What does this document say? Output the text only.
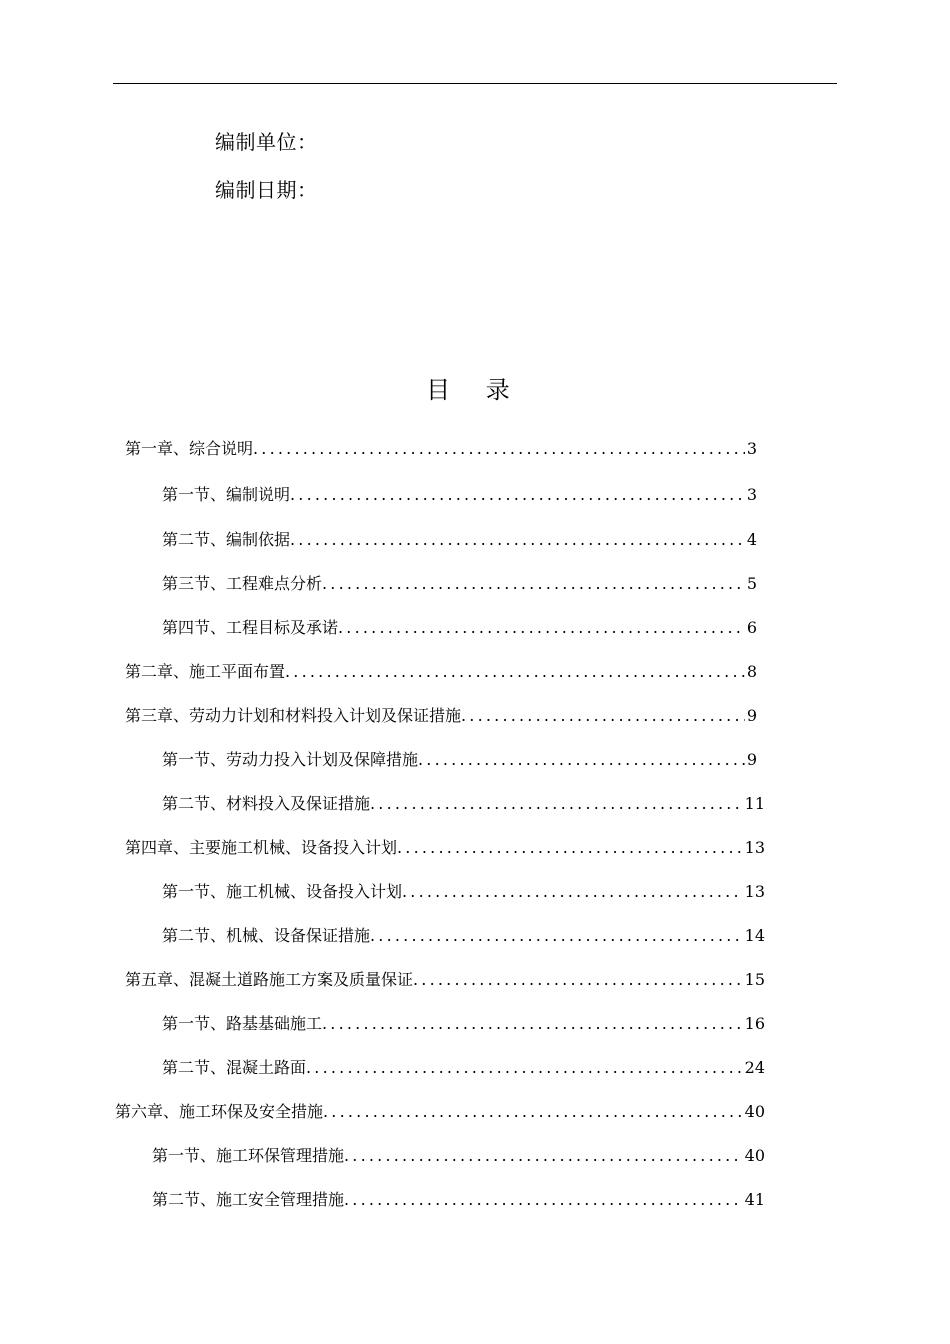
编制单位：
编制日期：
目 录
第一章、综合说明 .....	3
第一节、编制说明 .....	3
第二节、编制依据 .....	4
第三节、工程难点分析 .....	5
第四节、工程目标及承诺 .....	6
第二章、施工平面布置 .....	8
第三章、劳动力计划和材料投入计划及保证措施 .....	9
第一节、劳动力投入计划及保障措施 .....	9
第二节、材料投入及保证措施 .....	11
第四章、主要施工机械、设备投入计划 .....	13
第一节、施工机械、设备投入计划 .....	13
第二节、机械、设备保证措施 .....	14
第五章、混凝土道路施工方案及质量保证 .....	15
第一节、路基基础施工 .....	16
第二节、混凝土路面 .....	24
第六章、施工环保及安全措施 .....	40
第一节、施工环保管理措施 .....	40
第二节、施工安全管理措施 .....	41
